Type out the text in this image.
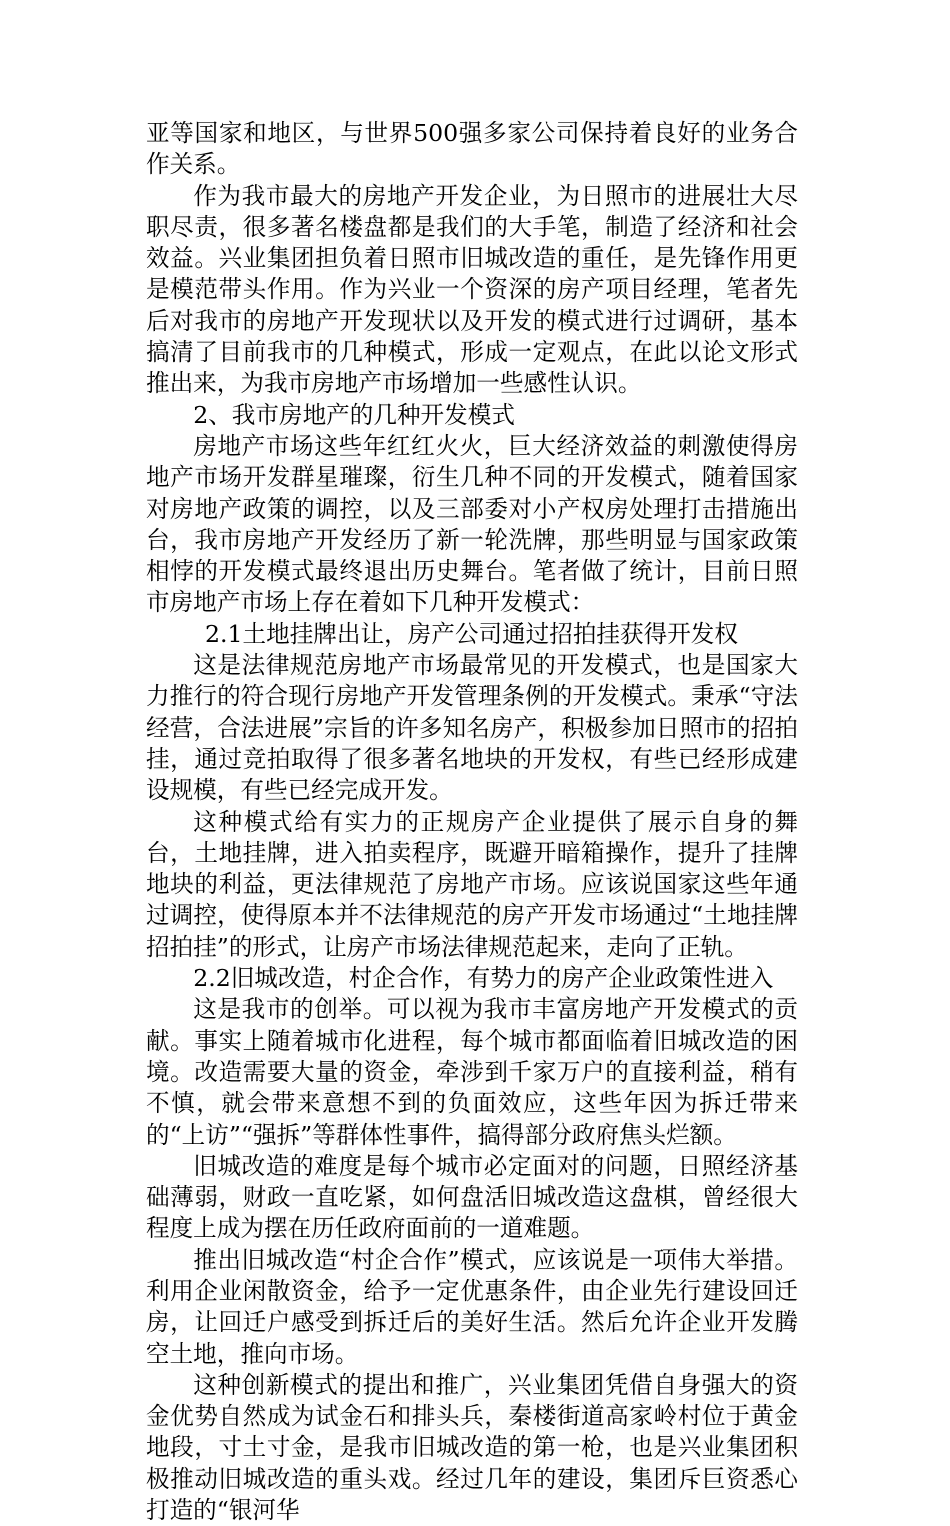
亚等国家和地区，与世界500强多家公司保持着良好的业务合作关系。

作为我市最大的房地产开发企业，为日照市的进展壮大尽职尽责，很多著名楼盘都是我们的大手笔，制造了经济和社会效益。兴业集团担负着日照市旧城改造的重任，是先锋作用更是模范带头作用。作为兴业一个资深的房产项目经理，笔者先后对我市的房地产开发现状以及开发的模式进行过调研，基本搞清了目前我市的几种模式，形成一定观点，在此以论文形式推出来，为我市房地产市场增加一些感性认识。

2、我市房地产的几种开发模式

房地产市场这些年红红火火，巨大经济效益的刺激使得房地产市场开发群星璀璨，衍生几种不同的开发模式，随着国家对房地产政策的调控，以及三部委对小产权房处理打击措施出台，我市房地产开发经历了新一轮洗牌，那些明显与国家政策相悖的开发模式最终退出历史舞台。笔者做了统计，目前日照市房地产市场上存在着如下几种开发模式：

2.1土地挂牌出让，房产公司通过招拍挂获得开发权

这是法律规范房地产市场最常见的开发模式，也是国家大力推行的符合现行房地产开发管理条例的开发模式。秉承“守法经营，合法进展”宗旨的许多知名房产，积极参加日照市的招拍挂，通过竞拍取得了很多著名地块的开发权，有些已经形成建设规模，有些已经完成开发。

这种模式给有实力的正规房产企业提供了展示自身的舞台，土地挂牌，进入拍卖程序，既避开暗箱操作，提升了挂牌地块的利益，更法律规范了房地产市场。应该说国家这些年通过调控，使得原本并不法律规范的房产开发市场通过“土地挂牌招拍挂”的形式，让房产市场法律规范起来，走向了正轨。

2.2旧城改造，村企合作，有势力的房产企业政策性进入

这是我市的创举。可以视为我市丰富房地产开发模式的贡献。事实上随着城市化进程，每个城市都面临着旧城改造的困境。改造需要大量的资金，牵涉到千家万户的直接利益，稍有不慎，就会带来意想不到的负面效应，这些年因为拆迁带来的“上访”“强拆”等群体性事件，搞得部分政府焦头烂额。

旧城改造的难度是每个城市必定面对的问题，日照经济基础薄弱，财政一直吃紧，如何盘活旧城改造这盘棋，曾经很大程度上成为摆在历任政府面前的一道难题。

推出旧城改造“村企合作”模式，应该说是一项伟大举措。利用企业闲散资金，给予一定优惠条件，由企业先行建设回迁房，让回迁户感受到拆迁后的美好生活。然后允许企业开发腾空土地，推向市场。

这种创新模式的提出和推广，兴业集团凭借自身强大的资金优势自然成为试金石和排头兵，秦楼街道高家岭村位于黄金地段，寸土寸金，是我市旧城改造的第一枪，也是兴业集团积极推动旧城改造的重头戏。经过几年的建设，集团斥巨资悉心打造的“银河华
